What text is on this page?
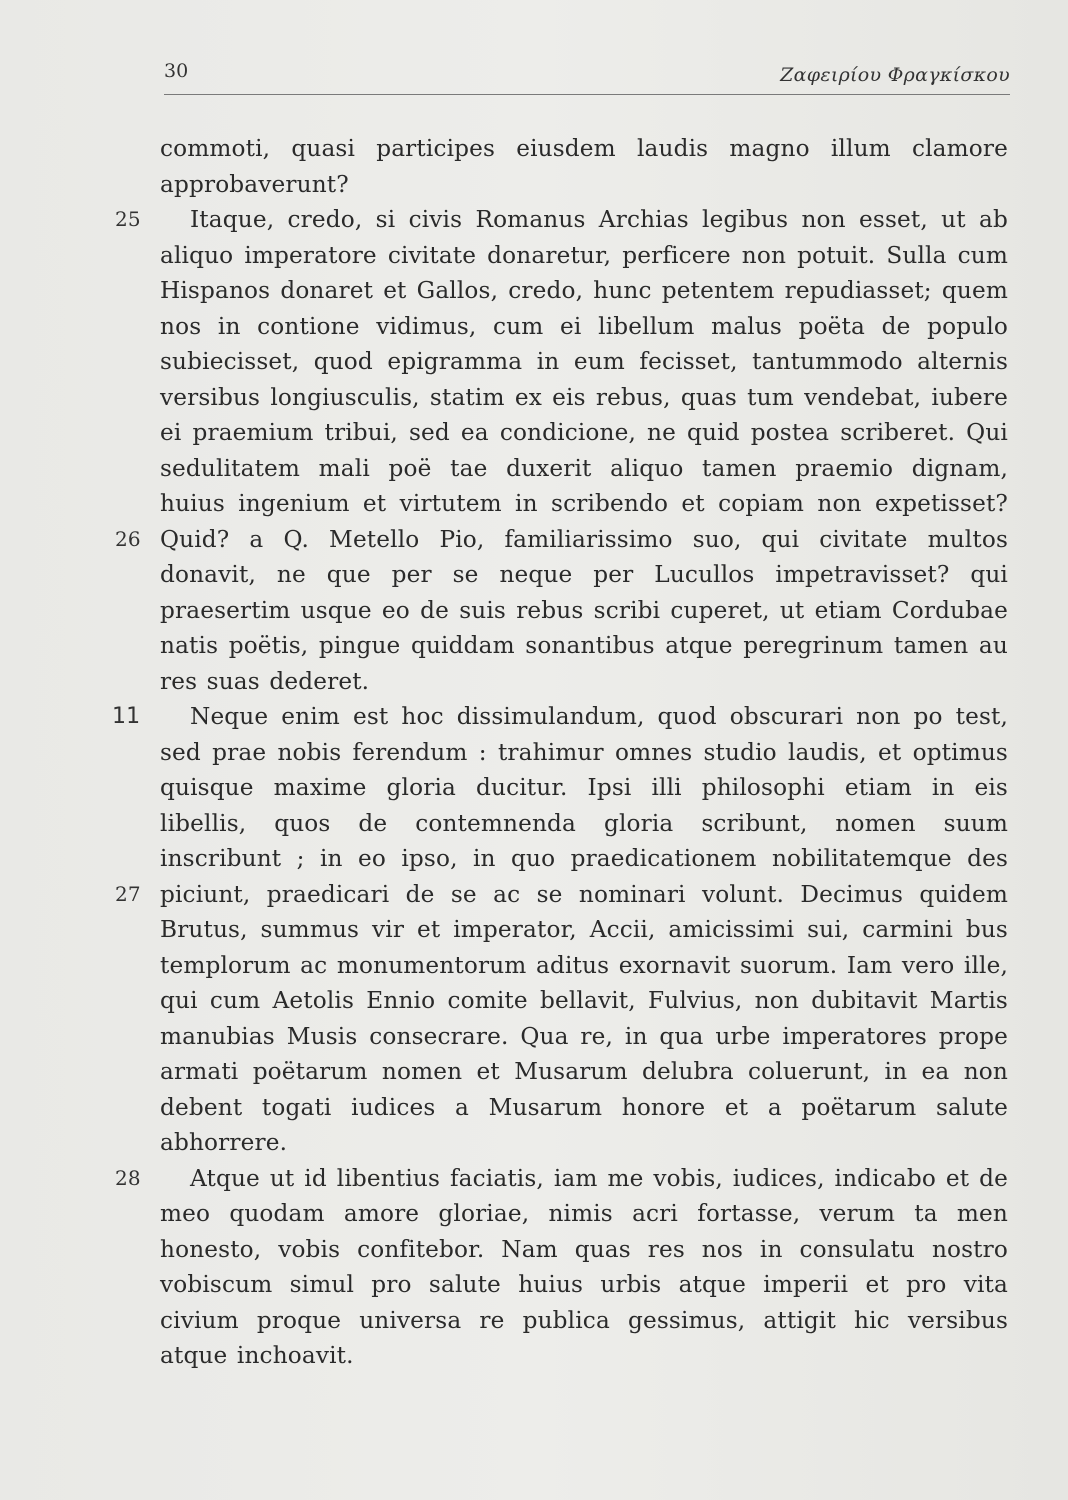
30	Ζαφειρίου Φραγκίσκου

commoti, quasi participes eiusdem laudis magno illum clamore approbaverunt?

25
26
Itaque, credo, si civis Romanus Archias legibus non esset, ut ab aliquo imperatore civitate donaretur, perficere non potuit. Sulla cum Hispanos donaret et Gallos, credo, hunc petentem repudiasset; quem nos in contione vidimus, cum ei libellum malus poëta de populo subiecisset, quod epigramma in eum fecisset, tantummodo alternis versibus longiusculis, statim ex eis rebus, quas tum vendebat, iubere ei praemium tribui, sed ea condicione, ne quid postea scriberet. Qui sedulitatem mali poë tae duxerit aliquo tamen praemio dignam, huius ingenium et virtutem in scribendo et copiam non expetisset? Quid? a Q. Metello Pio, familiarissimo suo, qui civitate multos donavit, ne que per se neque per Lucullos impetravisset? qui praesertim usque eo de suis rebus scribi cuperet, ut etiam Cordubae natis poëtis, pingue quiddam sonantibus atque peregrinum tamen au res suas dederet.

11
27
Neque enim est hoc dissimulandum, quod obscurari non po test, sed prae nobis ferendum : trahimur omnes studio laudis, et optimus quisque maxime gloria ducitur. Ipsi illi philosophi etiam in eis libellis, quos de contemnenda gloria scribunt, nomen suum inscribunt ; in eo ipso, in quo praedicationem nobilitatemque des piciunt, praedicari de se ac se nominari volunt. Decimus quidem Brutus, summus vir et imperator, Accii, amicissimi sui, carmini bus templorum ac monumentorum aditus exornavit suorum. Iam vero ille, qui cum Aetolis Ennio comite bellavit, Fulvius, non dubitavit Martis manubias Musis consecrare. Qua re, in qua urbe imperatores prope armati poëtarum nomen et Musarum delubra coluerunt, in ea non debent togati iudices a Musarum honore et a poëtarum salute abhorrere.

28 Atque ut id libentius faciatis, iam me vobis, iudices, indicabo et de meo quodam amore gloriae, nimis acri fortasse, verum ta men honesto, vobis confitebor. Nam quas res nos in consulatu nostro vobiscum simul pro salute huius urbis atque imperii et pro vita civium proque universa re publica gessimus, attigit hic versibus atque inchoavit.
